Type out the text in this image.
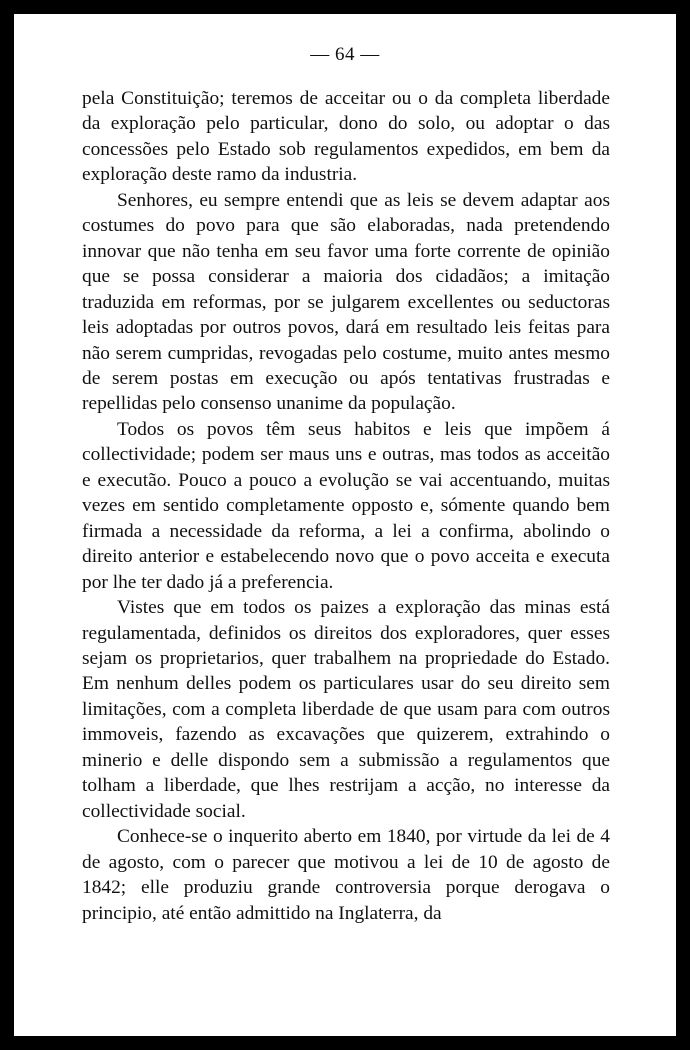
— 64 —

pela Constituição; teremos de acceitar ou o da completa liberdade da exploração pelo particular, dono do solo, ou adoptar o das concessões pelo Estado sob regulamentos expedidos, em bem da exploração deste ramo da industria.

Senhores, eu sempre entendi que as leis se devem adaptar aos costumes do povo para que são elaboradas, nada pretendendo innovar que não tenha em seu favor uma forte corrente de opinião que se possa considerar a maioria dos cidadãos; a imitação traduzida em reformas, por se julgarem excellentes ou seductoras leis adoptadas por outros povos, dará em resultado leis feitas para não serem cumpridas, revogadas pelo costume, muito antes mesmo de serem postas em execução ou após tentativas frustradas e repellidas pelo consenso unanime da população.

Todos os povos têm seus habitos e leis que impõem á collectividade; podem ser maus uns e outras, mas todos as acceitão e executão. Pouco a pouco a evolução se vai accentuando, muitas vezes em sentido completamente opposto e, sómente quando bem firmada a necessidade da reforma, a lei a confirma, abolindo o direito anterior e estabelecendo novo que o povo acceita e executa por lhe ter dado já a preferencia.

Vistes que em todos os paizes a exploração das minas está regulamentada, definidos os direitos dos exploradores, quer esses sejam os proprietarios, quer trabalhem na propriedade do Estado. Em nenhum delles podem os particulares usar do seu direito sem limitações, com a completa liberdade de que usam para com outros immoveis, fazendo as excavações que quizerem, extrahindo o minerio e delle dispondo sem a submissão a regulamentos que tolham a liberdade, que lhes restrijam a acção, no interesse da collectividade social.

Conhece-se o inquerito aberto em 1840, por virtude da lei de 4 de agosto, com o parecer que motivou a lei de 10 de agosto de 1842; elle produziu grande controversia porque derogava o principio, até então admittido na Inglaterra, da
